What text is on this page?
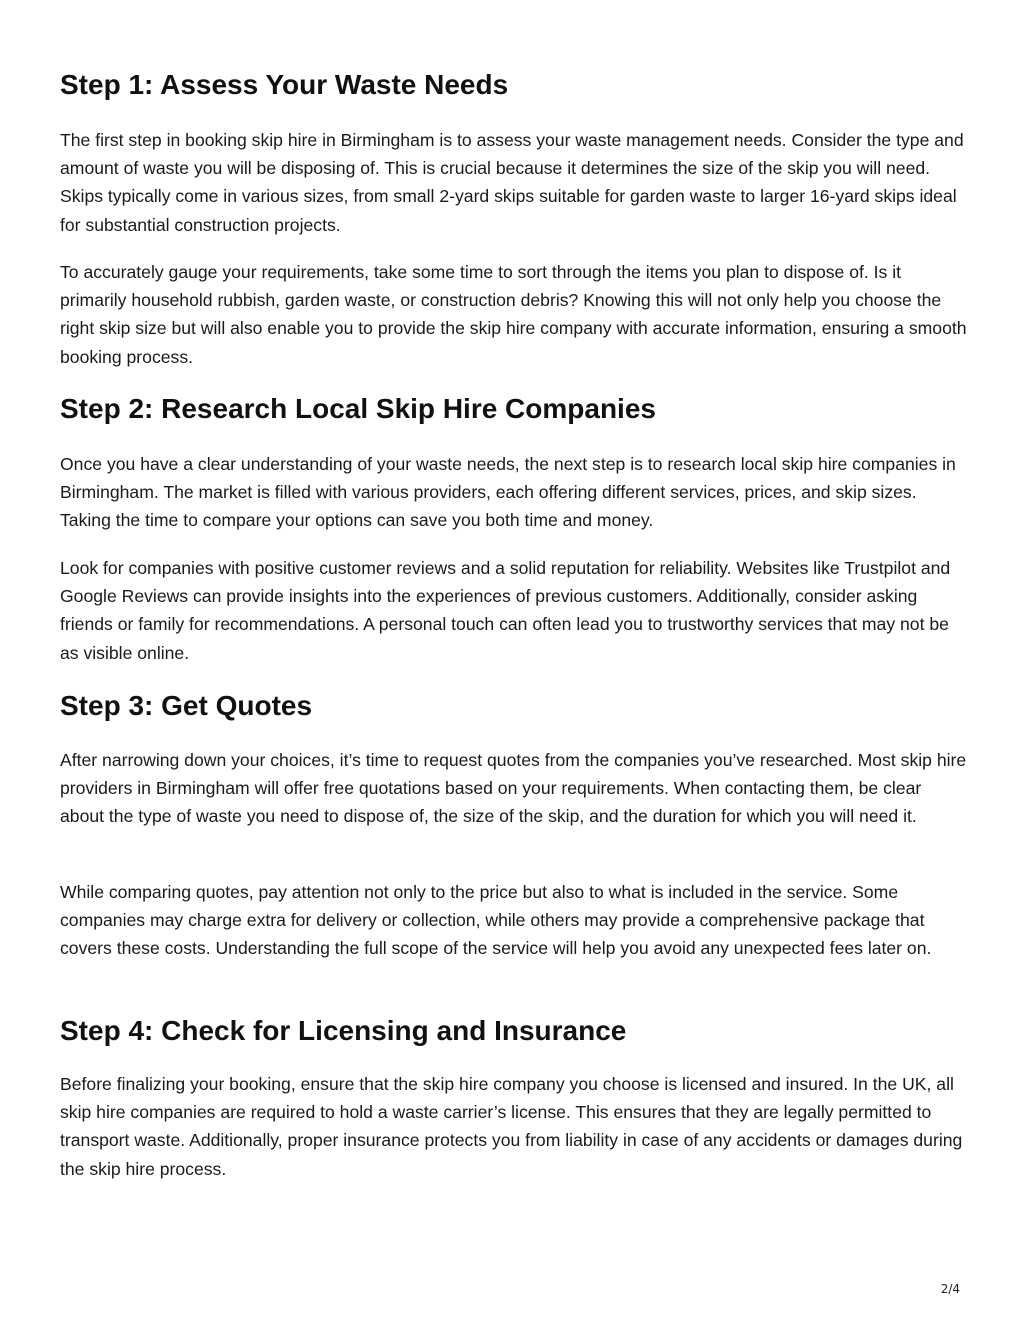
Step 1: Assess Your Waste Needs

The first step in booking skip hire in Birmingham is to assess your waste management needs. Consider the type and amount of waste you will be disposing of. This is crucial because it determines the size of the skip you will need. Skips typically come in various sizes, from small 2-yard skips suitable for garden waste to larger 16-yard skips ideal for substantial construction projects.

To accurately gauge your requirements, take some time to sort through the items you plan to dispose of. Is it primarily household rubbish, garden waste, or construction debris? Knowing this will not only help you choose the right skip size but will also enable you to provide the skip hire company with accurate information, ensuring a smooth booking process.

Step 2: Research Local Skip Hire Companies

Once you have a clear understanding of your waste needs, the next step is to research local skip hire companies in Birmingham. The market is filled with various providers, each offering different services, prices, and skip sizes. Taking the time to compare your options can save you both time and money.

Look for companies with positive customer reviews and a solid reputation for reliability. Websites like Trustpilot and Google Reviews can provide insights into the experiences of previous customers. Additionally, consider asking friends or family for recommendations. A personal touch can often lead you to trustworthy services that may not be as visible online.

Step 3: Get Quotes

After narrowing down your choices, it’s time to request quotes from the companies you’ve researched. Most skip hire providers in Birmingham will offer free quotations based on your requirements. When contacting them, be clear about the type of waste you need to dispose of, the size of the skip, and the duration for which you will need it.

While comparing quotes, pay attention not only to the price but also to what is included in the service. Some companies may charge extra for delivery or collection, while others may provide a comprehensive package that covers these costs. Understanding the full scope of the service will help you avoid any unexpected fees later on.

Step 4: Check for Licensing and Insurance

Before finalizing your booking, ensure that the skip hire company you choose is licensed and insured. In the UK, all skip hire companies are required to hold a waste carrier’s license. This ensures that they are legally permitted to transport waste. Additionally, proper insurance protects you from liability in case of any accidents or damages during the skip hire process.

2/4
